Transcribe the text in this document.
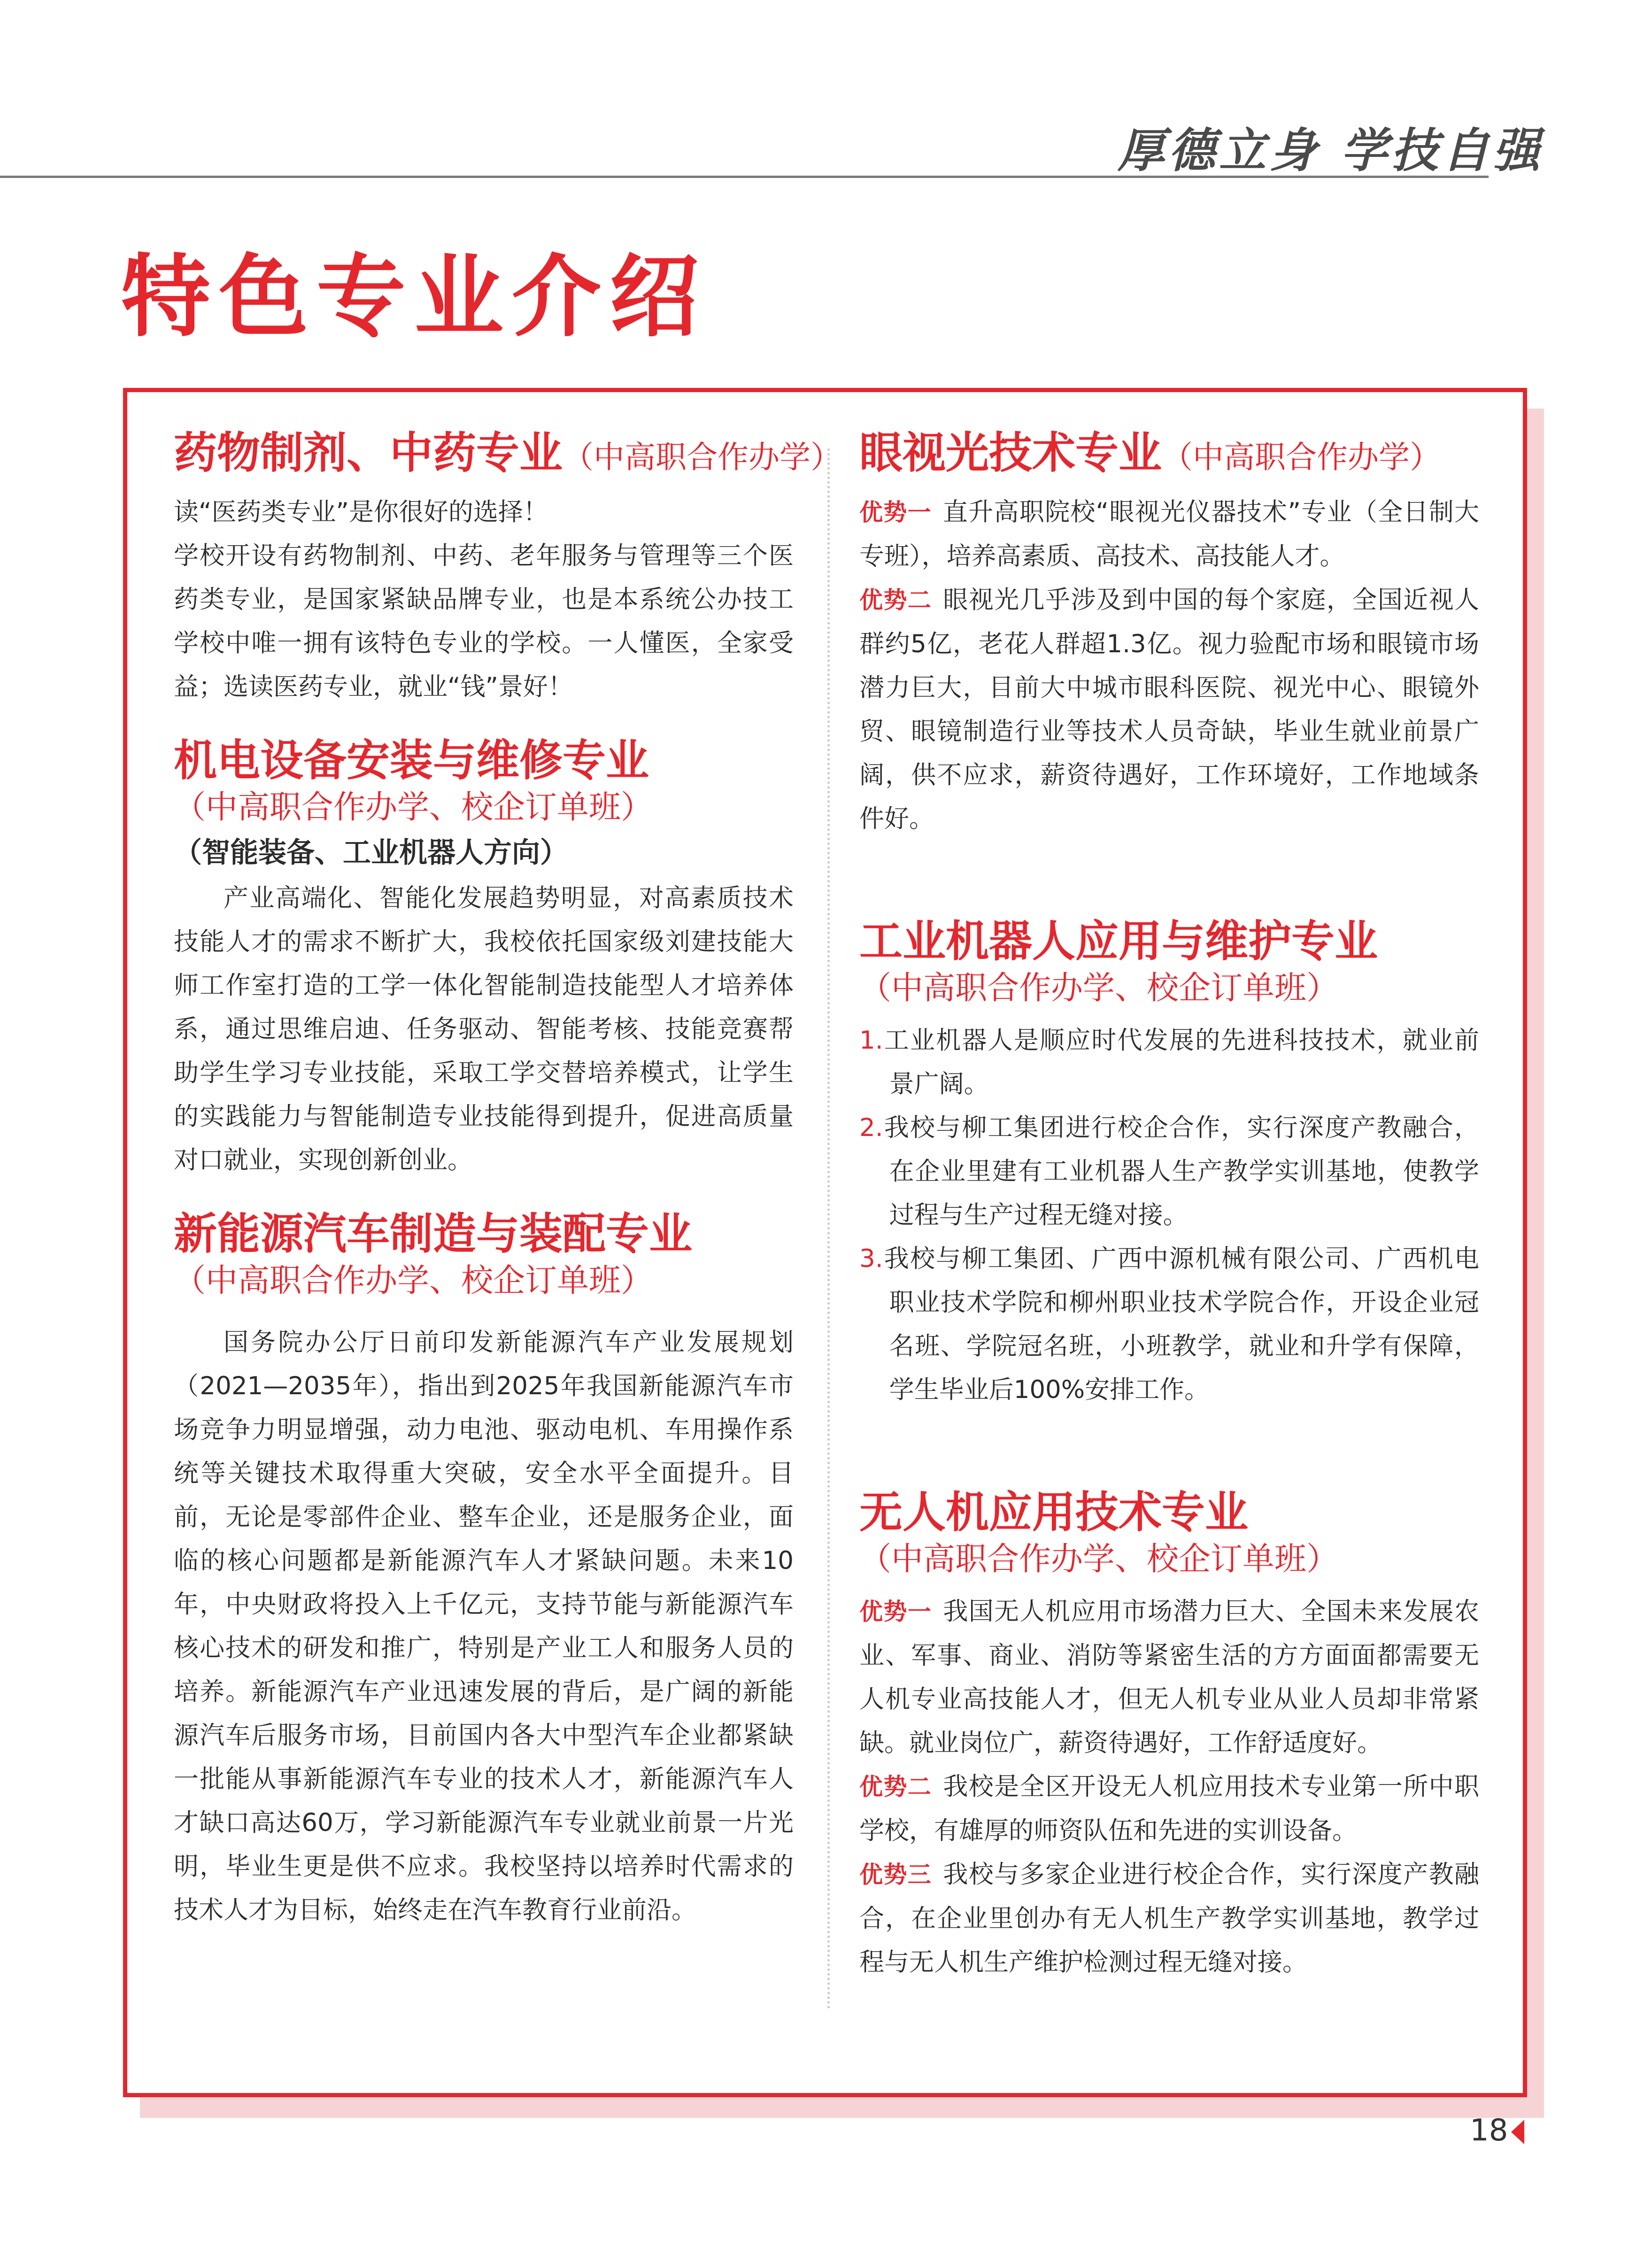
厚德立身 学技自强
特色专业介绍
药物制剂、中药专业（中高职合作办学）

读“医药类专业”是你很好的选择！

学校开设有药物制剂、中药、老年服务与管理等三个医药类专业，是国家紧缺品牌专业，也是本系统公办技工学校中唯一拥有该特色专业的学校。一人懂医，全家受益；选读医药专业，就业“钱”景好！

机电设备安装与维修专业
（中高职合作办学、校企订单班）
（智能装备、工业机器人方向）

产业高端化、智能化发展趋势明显，对高素质技术技能人才的需求不断扩大，我校依托国家级刘建技能大师工作室打造的工学一体化智能制造技能型人才培养体系，通过思维启迪、任务驱动、智能考核、技能竞赛帮助学生学习专业技能，采取工学交替培养模式，让学生的实践能力与智能制造专业技能得到提升，促进高质量对口就业，实现创新创业。

新能源汽车制造与装配专业
（中高职合作办学、校企订单班）

国务院办公厅日前印发新能源汽车产业发展规划（2021—2035年），指出到2025年我国新能源汽车市场竞争力明显增强，动力电池、驱动电机、车用操作系统等关键技术取得重大突破，安全水平全面提升。目前，无论是零部件企业、整车企业，还是服务企业，面临的核心问题都是新能源汽车人才紧缺问题。未来10年，中央财政将投入上千亿元，支持节能与新能源汽车核心技术的研发和推广，特别是产业工人和服务人员的培养。新能源汽车产业迅速发展的背后，是广阔的新能源汽车后服务市场，目前国内各大中型汽车企业都紧缺一批能从事新能源汽车专业的技术人才，新能源汽车人才缺口高达60万，学习新能源汽车专业就业前景一片光明，毕业生更是供不应求。我校坚持以培养时代需求的技术人才为目标，始终走在汽车教育行业前沿。

眼视光技术专业（中高职合作办学）

优势一 直升高职院校“眼视光仪器技术”专业（全日制大专班），培养高素质、高技术、高技能人才。

优势二 眼视光几乎涉及到中国的每个家庭，全国近视人群约5亿，老花人群超1.3亿。视力验配市场和眼镜市场潜力巨大，目前大中城市眼科医院、视光中心、眼镜外贸、眼镜制造行业等技术人员奇缺，毕业生就业前景广阔，供不应求，薪资待遇好，工作环境好，工作地域条件好。

工业机器人应用与维护专业
（中高职合作办学、校企订单班）

1.工业机器人是顺应时代发展的先进科技技术，就业前景广阔。

2.我校与柳工集团进行校企合作，实行深度产教融合，在企业里建有工业机器人生产教学实训基地，使教学过程与生产过程无缝对接。

3.我校与柳工集团、广西中源机械有限公司、广西机电职业技术学院和柳州职业技术学院合作，开设企业冠名班、学院冠名班，小班教学，就业和升学有保障，学生毕业后100%安排工作。

无人机应用技术专业
（中高职合作办学、校企订单班）

优势一 我国无人机应用市场潜力巨大、全国未来发展农业、军事、商业、消防等紧密生活的方方面面都需要无人机专业高技能人才，但无人机专业从业人员却非常紧缺。就业岗位广，薪资待遇好，工作舒适度好。

优势二 我校是全区开设无人机应用技术专业第一所中职学校，有雄厚的师资队伍和先进的实训设备。

优势三 我校与多家企业进行校企合作，实行深度产教融合，在企业里创办有无人机生产教学实训基地，教学过程与无人机生产维护检测过程无缝对接。

18
